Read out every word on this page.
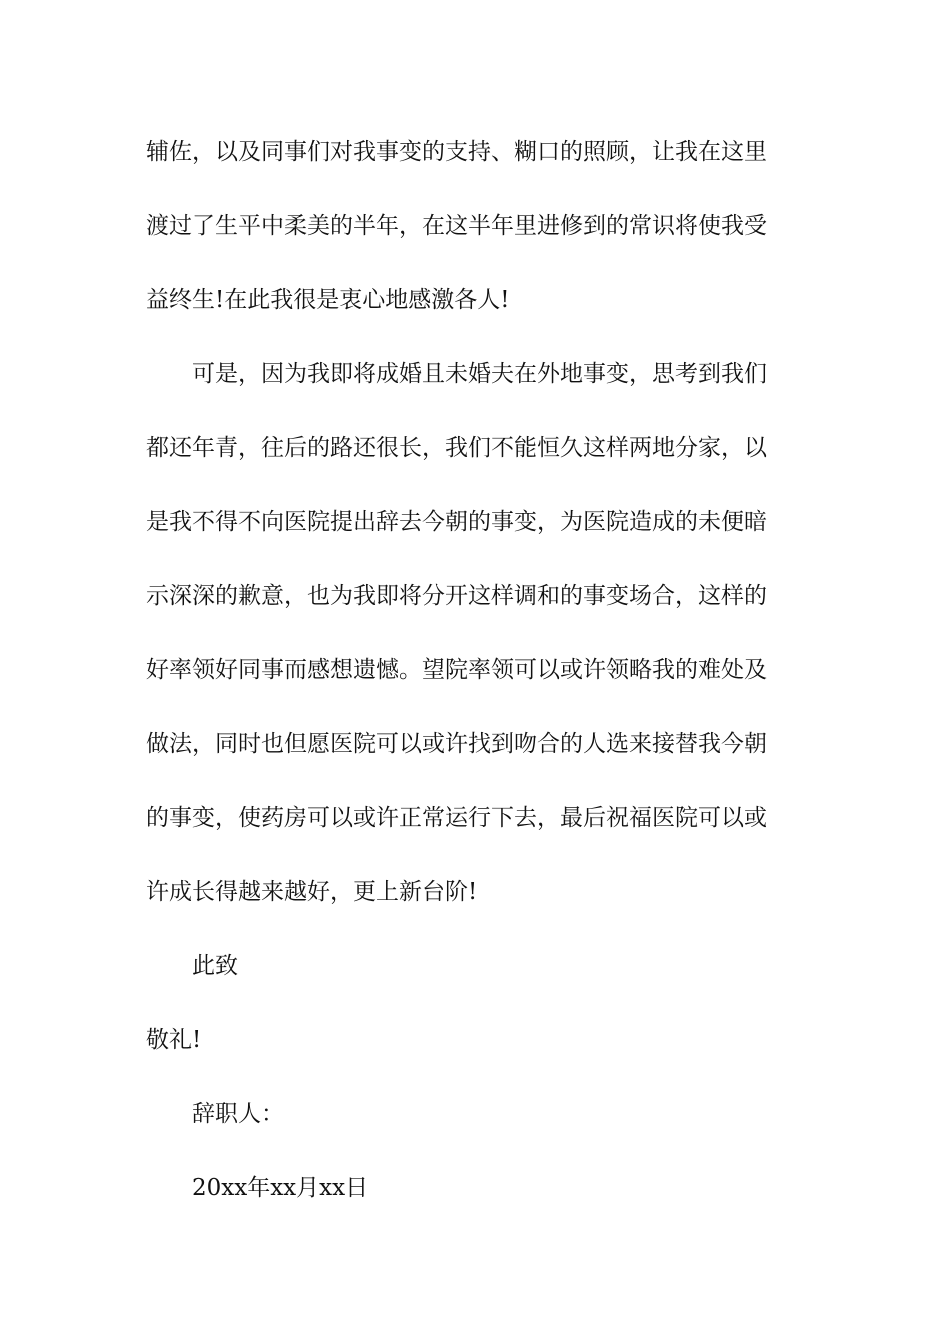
辅佐，以及同事们对我事变的支持、糊口的照顾，让我在这里
渡过了生平中柔美的半年，在这半年里进修到的常识将使我受
益终生!在此我很是衷心地感激各人!
可是，因为我即将成婚且未婚夫在外地事变，思考到我们
都还年青，往后的路还很长，我们不能恒久这样两地分家，以
是我不得不向医院提出辞去今朝的事变，为医院造成的未便暗
示深深的歉意，也为我即将分开这样调和的事变场合，这样的
好率领好同事而感想遗憾。望院率领可以或许领略我的难处及
做法，同时也但愿医院可以或许找到吻合的人选来接替我今朝
的事变，使药房可以或许正常运行下去，最后祝福医院可以或
许成长得越来越好，更上新台阶!
此致
敬礼!
辞职人：
20xx年xx月xx日
